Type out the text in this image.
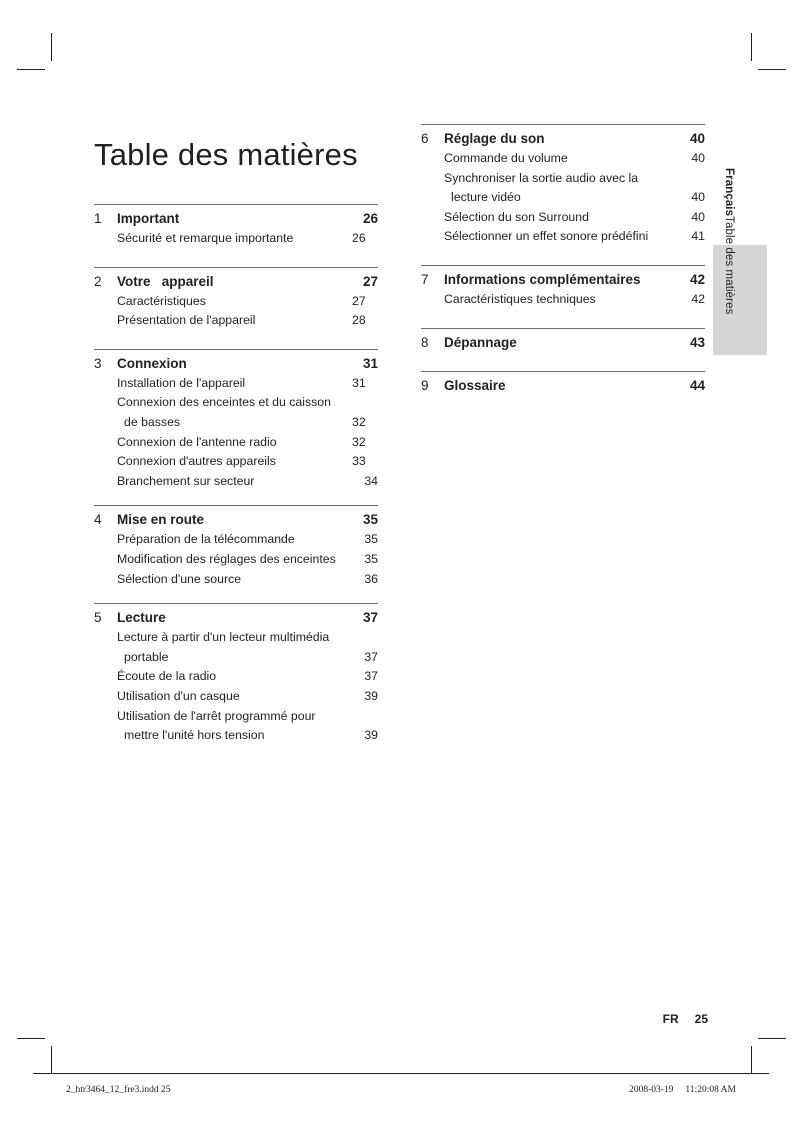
Table des matières
1	Important	26
Sécurité et remarque importante	26
2	Votre   appareil	27
Caractéristiques	27
Présentation de l'appareil	28
3	Connexion	31
Installation de l'appareil	31
Connexion des enceintes et du caisson
de basses	32
Connexion de l'antenne radio	32
Connexion d'autres appareils	33
Branchement sur secteur	34
4	Mise en route	35
Préparation de la télécommande	35
Modification des réglages des enceintes	35
Sélection d'une source	36
5	Lecture	37
Lecture à partir d'un lecteur multimédia
portable	37
Écoute de la radio	37
Utilisation d'un casque	39
Utilisation de l'arrêt programmé pour
mettre l'unité hors tension	39
6	Réglage du son	40
Commande du volume	40
Synchroniser la sortie audio avec la
lecture vidéo	40
Sélection du son Surround	40
Sélectionner un effet sonore prédéfini	41
7	Informations complémentaires	42
Caractéristiques techniques	42
8	Dépannage	43
9	Glossaire	44
FrançaisTable des matières
FR 25
2_htr3464_12_fre3.indd 25	2008-03-19 11:20:08 AM
